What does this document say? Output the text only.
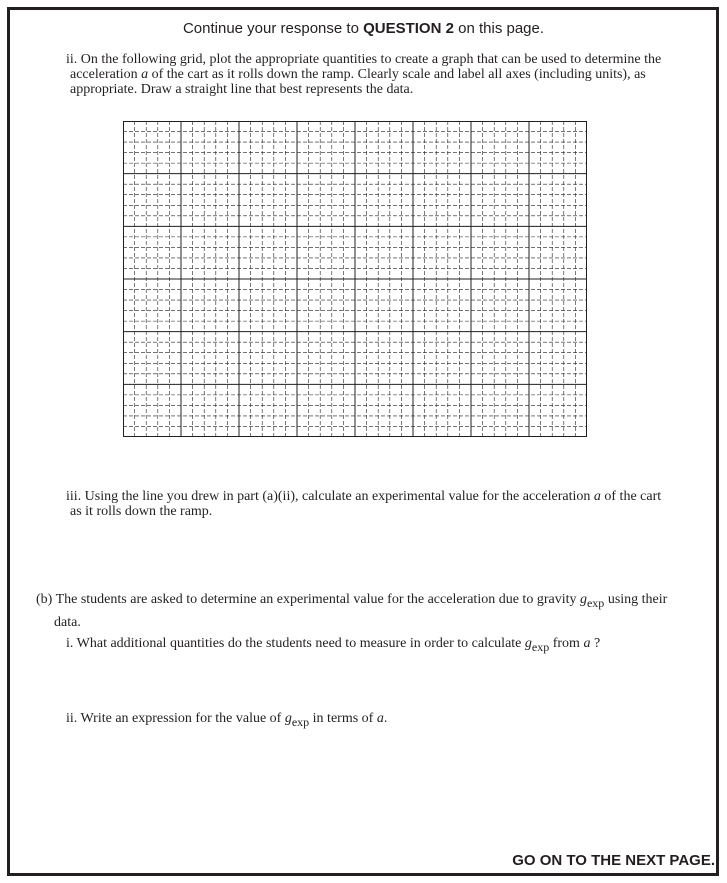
Continue your response to QUESTION 2 on this page.
ii. On the following grid, plot the appropriate quantities to create a graph that can be used to determine the
acceleration a of the cart as it rolls down the ramp. Clearly scale and label all axes (including units), as
appropriate. Draw a straight line that best represents the data.
iii. Using the line you drew in part (a)(ii), calculate an experimental value for the acceleration a of the cart
as it rolls down the ramp.
(b) The students are asked to determine an experimental value for the acceleration due to gravity $g_{exp}$ using their
data.
i. What additional quantities do the students need to measure in order to calculate $g_{exp}$ from a ?
ii. Write an expression for the value of $g_{exp}$ in terms of a.
GO ON TO THE NEXT PAGE.
